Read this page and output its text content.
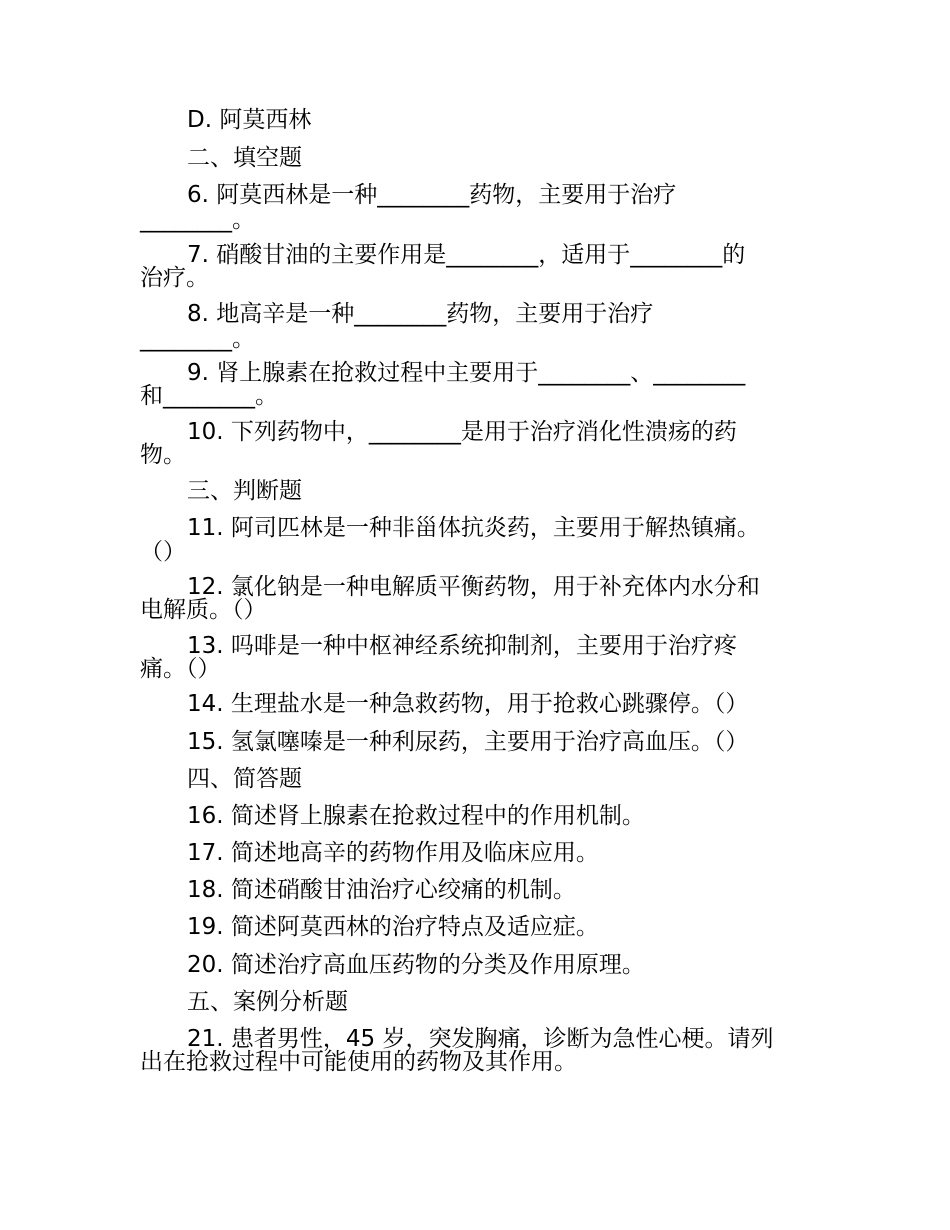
D. 阿莫西林
二、填空题
6. 阿莫西林是一种________药物，主要用于治疗
________。
7. 硝酸甘油的主要作用是________，适用于________的
治疗。
8. 地高辛是一种________药物，主要用于治疗
________。
9. 肾上腺素在抢救过程中主要用于________、________
和________。
10. 下列药物中，________是用于治疗消化性溃疡的药
物。
三、判断题
11. 阿司匹林是一种非甾体抗炎药，主要用于解热镇痛。
（）
12. 氯化钠是一种电解质平衡药物，用于补充体内水分和
电解质。（）
13. 吗啡是一种中枢神经系统抑制剂，主要用于治疗疼
痛。（）
14. 生理盐水是一种急救药物，用于抢救心跳骤停。（）
15. 氢氯噻嗪是一种利尿药，主要用于治疗高血压。（）
四、简答题
16. 简述肾上腺素在抢救过程中的作用机制。
17. 简述地高辛的药物作用及临床应用。
18. 简述硝酸甘油治疗心绞痛的机制。
19. 简述阿莫西林的治疗特点及适应症。
20. 简述治疗高血压药物的分类及作用原理。
五、案例分析题
21. 患者男性，45 岁，突发胸痛，诊断为急性心梗。请列
出在抢救过程中可能使用的药物及其作用。
